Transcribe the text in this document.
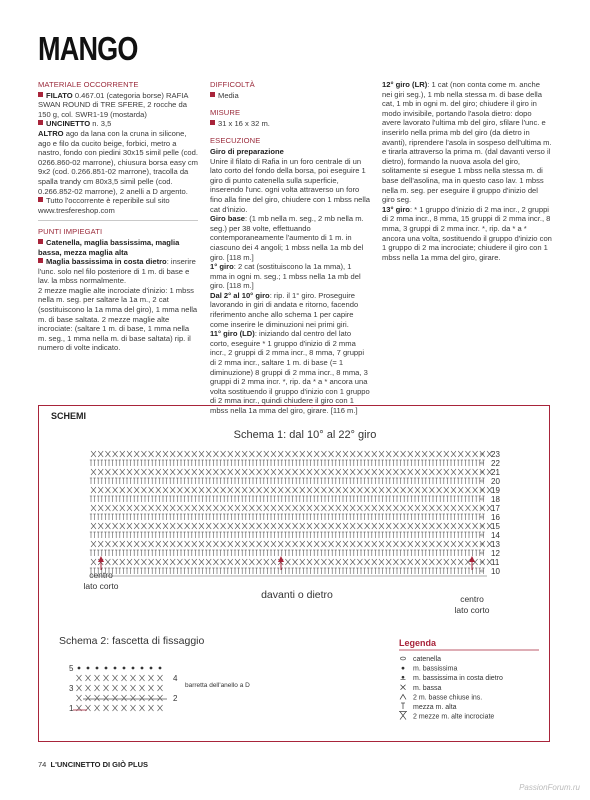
MANGO
MATERIALE OCCORRENTE
FILATO 0.467.01 (categoria borse) RAFIA SWAN ROUND di TRE SFERE, 2 rocche da 150 g, col. SWR1-19 (mostarda)
UNCINETTO n. 3,5
ALTRO ago da lana con la cruna in silicone, ago e filo da cucito beige, forbici, metro a nastro, fondo con piedini 30x15 simil pelle (cod. 0266.860-02 marrone), chiusura borsa easy cm 9x2 (cod. 0.266.851-02 marrone), tracolla da spalla trandy cm 80x3,5 simil pelle (cod. 0.266.852-02 marrone), 2 anelli a D argento.
Tutto l'occorrente è reperibile sul sito www.tresfereshop.com
PUNTI IMPIEGATI
Catenella, maglia bassissima, maglia bassa, mezza maglia alta
Maglia bassissima in costa dietro: inserire l'unc. solo nel filo posteriore di 1 m. di base e lav. la mbss normalmente.
2 mezze maglie alte incrociate d'inizio: 1 mbss nella m. seg. per saltare la 1a m., 2 cat (sostituiscono la 1a mma del giro), 1 mma nella m. di base saltata. 2 mezze maglie alte incrociate: (saltare 1 m. di base, 1 mma nella m. seg., 1 mma nella m. di base saltata) rip. il numero di volte indicato.
DIFFICOLTÀ
Media
MISURE
31 x 16 x 32 m.
ESECUZIONE
Giro di preparazione
Unire il filato di Rafia in un foro centrale di un lato corto del fondo della borsa, poi eseguire 1 giro di punto catenella sulla superficie, inserendo l'unc. ogni volta attraverso un foro fino alla fine del giro, chiudere con 1 mbss nella cat d'inizio.
Giro base: (1 mb nella m. seg., 2 mb nella m. seg.) per 38 volte, effettuando contemporaneamente l'aumento di 1 m. in ciascuno dei 4 angoli; 1 mbss nella 1a mb del giro. [118 m.]
1° giro: 2 cat (sostituiscono la 1a mma), 1 mma in ogni m. seg.; 1 mbss nella 1a mb del giro. [118 m.]
Dal 2° al 10° giro: rip. il 1° giro. Proseguire lavorando in giri di andata e ritorno, facendo riferimento anche allo schema 1 per capire come inserire le diminuzioni nei primi giri.
11° giro (LD): iniziando dal centro del lato corto, eseguire * 1 gruppo d'inizio di 2 mma incr., 2 gruppi di 2 mma incr., 8 mma, 7 gruppi di 2 mma incr., saltare 1 m. di base (= 1 diminuzione) 8 gruppi di 2 mma incr., 8 mma, 3 gruppi di 2 mma incr. *, rip. da * a * ancora una volta sostituendo il gruppo d'inizio con 1 gruppo di 2 mma incr., quindi chiudere il giro con 1 mbss nella 1a mma del giro, girare. [116 m.]
12° giro (LR): 1 cat (non conta come m. anche nei giri seg.), 1 mb nella stessa m. di base della cat, 1 mb in ogni m. del giro; chiudere il giro in modo invisibile, portando l'asola dietro: dopo avere lavorato l'ultima mb del giro, sfilare l'unc. e inserirlo nella prima mb del giro (da dietro in avanti), riprendere l'asola in sospeso dell'ultima m. e tirarla attraverso la prima m. (dal davanti verso il dietro), formando la nuova asola del giro, solitamente si esegue 1 mbss nella stessa m. di base dell'asolina, ma in questo caso lav. 1 mbss nella m. seg. per eseguire il gruppo d'inizio del giro seg.
13° giro: * 1 gruppo d'inizio di 2 ma incr., 2 gruppi di 2 mma incr., 8 mma, 15 gruppi di 2 mma incr., 8 mma, 3 gruppi di 2 mma incr. *, rip. da * a * ancora una volta, sostituendo il gruppo d'inizio con 1 gruppo di 2 ma incrociate; chiudere il giro con 1 mbss nella 1a mma del giro, girare.
SCHEMI
Schema 1: dal 10° al 22° giro
23
22
21
20
19
18
17
16
15
14
13
12
11
10
centro
lato corto
davanti o dietro	centro
lato corto
Schema 2: fascetta di fissaggio
5
4
3
2
1
barretta dell'anello a D
Legenda
catenella
m. bassissima
m. bassissima in costa dietro
m. bassa
2 m. basse chiuse ins.
mezza m. alta
2 mezze m. alte incrociate
74 L'UNCINETTO DI GIÒ PLUS
PassionForum.ru
